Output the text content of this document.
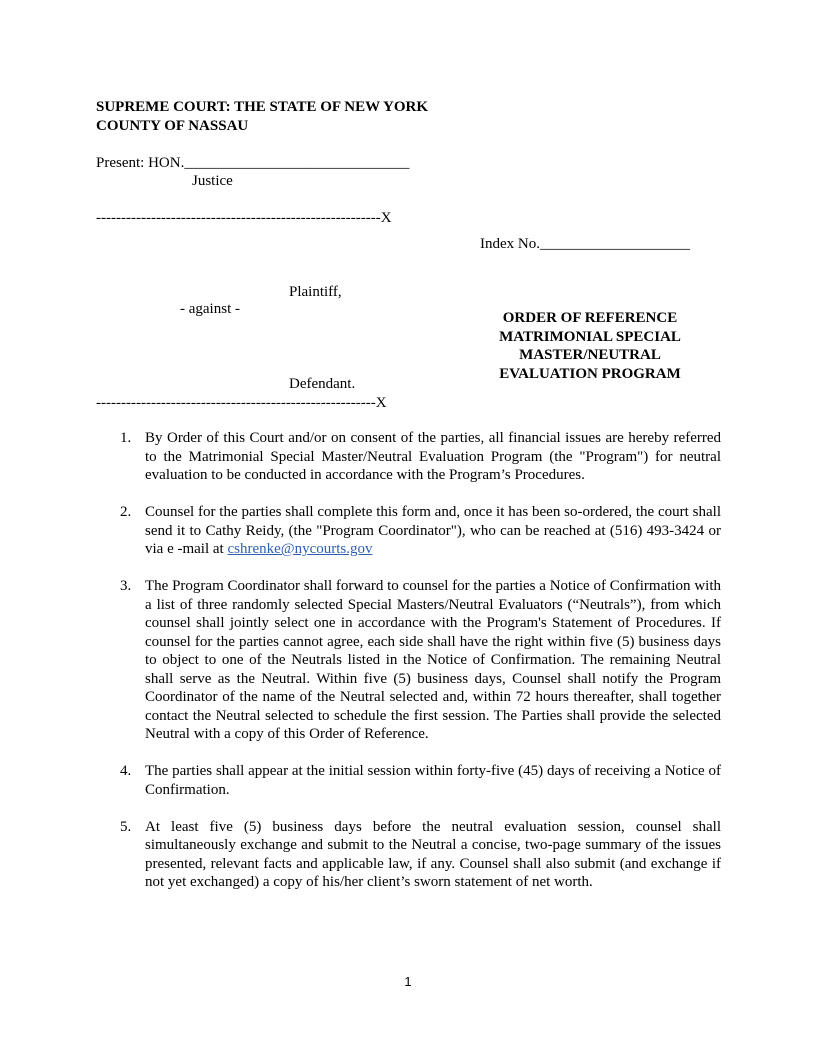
SUPREME COURT: THE STATE OF NEW YORK
COUNTY OF NASSAU
Present: HON.______________________________
Justice
---------------------------------------------------------X
Index No.____________________
Plaintiff,
- against -
Defendant.
--------------------------------------------------------X
ORDER OF REFERENCE
MATRIMONIAL SPECIAL
MASTER/NEUTRAL
EVALUATION PROGRAM
1. By Order of this Court and/or on consent of the parties, all financial issues are hereby referred to the Matrimonial Special Master/Neutral Evaluation Program (the "Program") for neutral evaluation to be conducted in accordance with the Program’s Procedures.
2. Counsel for the parties shall complete this form and, once it has been so-ordered, the court shall send it to Cathy Reidy, (the "Program Coordinator"), who can be reached at (516) 493-3424 or via e -mail at cshrenke@nycourts.gov
3. The Program Coordinator shall forward to counsel for the parties a Notice of Confirmation with a list of three randomly selected Special Masters/Neutral Evaluators (“Neutrals”), from which counsel shall jointly select one in accordance with the Program's Statement of Procedures. If counsel for the parties cannot agree, each side shall have the right within five (5) business days to object to one of the Neutrals listed in the Notice of Confirmation. The remaining Neutral shall serve as the Neutral. Within five (5) business days, Counsel shall notify the Program Coordinator of the name of the Neutral selected and, within 72 hours thereafter, shall together contact the Neutral selected to schedule the first session. The Parties shall provide the selected Neutral with a copy of this Order of Reference.
4. The parties shall appear at the initial session within forty-five (45) days of receiving a Notice of Confirmation.
5. At least five (5) business days before the neutral evaluation session, counsel shall simultaneously exchange and submit to the Neutral a concise, two-page summary of the issues presented, relevant facts and applicable law, if any. Counsel shall also submit (and exchange if not yet exchanged) a copy of his/her client’s sworn statement of net worth.
1
